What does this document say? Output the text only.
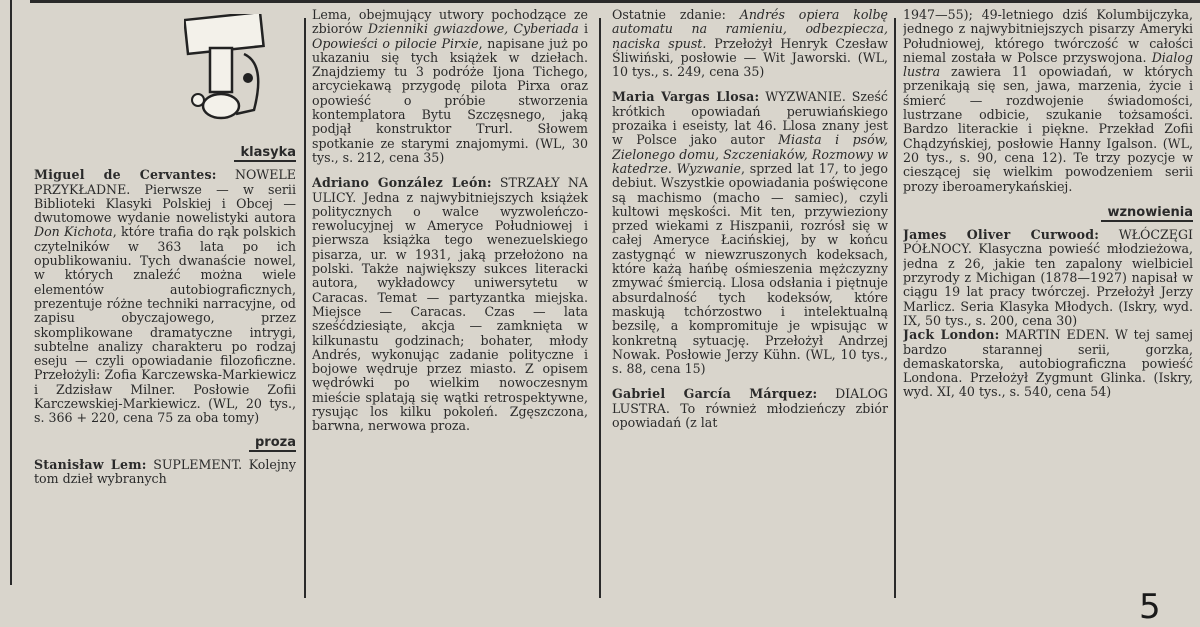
klasyka

Miguel de Cervantes: NOWELE PRZYKŁADNE. Pierwsze — w serii Biblioteki Klasyki Polskiej i Obcej — dwutomowe wydanie nowelistyki autora Don Kichota, które trafia do rąk polskich czytelników w 363 lata po ich opublikowaniu. Tych dwanaście nowel, w których znaleźć można wiele elementów autobiograficznych, prezentuje różne techniki narracyjne, od zapisu obyczajowego, przez skomplikowane dramatyczne intrygi, subtelne analizy charakteru po rodzaj eseju — czyli opowiadanie filozoficzne. Przełożyli: Zofia Karczewska-Markiewicz i Zdzisław Milner. Posłowie Zofii Karczewskiej-Markiewicz. (WL, 20 tys., s. 366 + 220, cena 75 za oba tomy)

proza

Stanisław Lem: SUPLEMENT. Kolejny tom dzieł wybranych

Lema, obejmujący utwory pochodzące ze zbiorów Dzienniki gwiazdowe, Cyberiada i Opowieści o pilocie Pirxie, napisane już po ukazaniu się tych książek w dziełach. Znajdziemy tu 3 podróże Ijona Tichego, arcyciekawą przygodę pilota Pirxa oraz opowieść o próbie stworzenia kontemplatora Bytu Szczęsnego, jaką podjął konstruktor Trurl. Słowem spotkanie ze starymi znajomymi. (WL, 30 tys., s. 212, cena 35)

Adriano González León: STRZAŁY NA ULICY. Jedna z najwybitniejszych książek politycznych o walce wyzwoleńczo-rewolucyjnej w Ameryce Południowej i pierwsza książka tego wenezuelskiego pisarza, ur. w 1931, jaką przełożono na polski. Także największy sukces literacki autora, wykładowcy uniwersytetu w Caracas. Temat — partyzantka miejska. Miejsce — Caracas. Czas — lata sześćdziesiąte, akcja — zamknięta w kilkunastu godzinach; bohater, młody Andrés, wykonując zadanie polityczne i bojowe wędruje przez miasto. Z opisem wędrówki po wielkim nowoczesnym mieście splatają się wątki retrospektywne, rysując los kilku pokoleń. Zgęszczona, barwna, nerwowa proza.

Ostatnie zdanie: Andrés opiera kolbę automatu na ramieniu, odbezpiecza, naciska spust. Przełożył Henryk Czesław Śliwiński, posłowie — Wit Jaworski. (WL, 10 tys., s. 249, cena 35)

Maria Vargas Llosa: WYZWANIE. Sześć krótkich opowiadań peruwiańskiego prozaika i eseisty, lat 46. Llosa znany jest w Polsce jako autor Miasta i psów, Zielonego domu, Szczeniaków, Rozmowy w katedrze. Wyzwanie, sprzed lat 17, to jego debiut. Wszystkie opowiadania poświęcone są machismo (macho — samiec), czyli kultowi męskości. Mit ten, przywieziony przed wiekami z Hiszpanii, rozrósł się w całej Ameryce Łacińskiej, by w końcu zastygnąć w niewzruszonych kodeksach, które każą hańbę ośmieszenia mężczyzny zmywać śmiercią. Llosa odsłania i piętnuje absurdalność tych kodeksów, które maskują tchórzostwo i intelektualną bezsilę, a kompromituje je wpisując w konkretną sytuację. Przełożył Andrzej Nowak. Posłowie Jerzy Kühn. (WL, 10 tys., s. 88, cena 15)

Gabriel García Márquez: DIALOG LUSTRA. To również młodzieńczy zbiór opowiadań (z lat

1947—55); 49-letniego dziś Kolumbijczyka, jednego z najwybitniejszych pisarzy Ameryki Południowej, którego twórczość w całości niemal została w Polsce przyswojona. Dialog lustra zawiera 11 opowiadań, w których przenikają się sen, jawa, marzenia, życie i śmierć — rozdwojenie świadomości, lustrzane odbicie, szukanie tożsamości. Bardzo literackie i piękne. Przekład Zofii Chądzyńskiej, posłowie Hanny Igalson. (WL, 20 tys., s. 90, cena 12). Te trzy pozycje w cieszącej się wielkim powodzeniem serii prozy iberoamerykańskiej.

wznowienia

James Oliver Curwood: WŁÓCZĘGI PÓŁNOCY. Klasyczna powieść młodzieżowa, jedna z 26, jakie ten zapalony wielbiciel przyrody z Michigan (1878—1927) napisał w ciągu 19 lat pracy twórczej. Przełożył Jerzy Marlicz. Seria Klasyka Młodych. (Iskry, wyd. IX, 50 tys., s. 200, cena 30)

Jack London: MARTIN EDEN. W tej samej bardzo starannej serii, gorzka, demaskatorska, autobiograficzna powieść Londona. Przełożył Zygmunt Glinka. (Iskry, wyd. XI, 40 tys., s. 540, cena 54)

5
